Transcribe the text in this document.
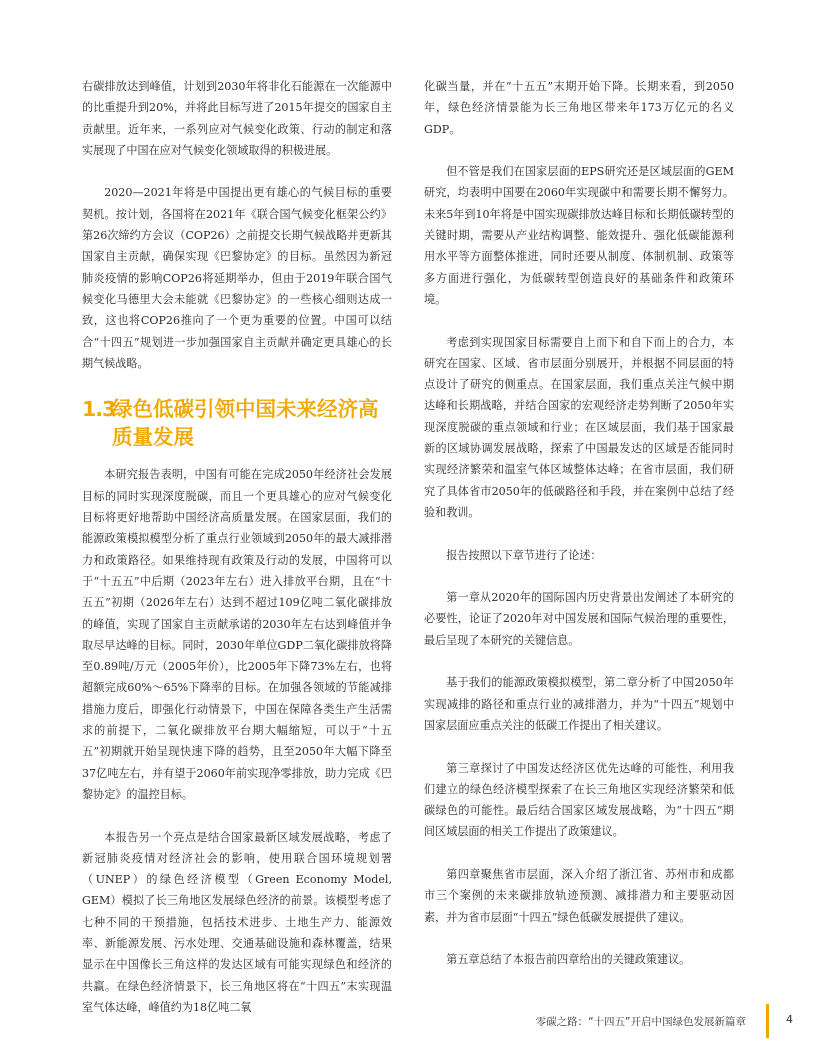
右碳排放达到峰值，计划到2030年将非化石能源在一次能源中的比重提升到20%，并将此目标写进了2015年提交的国家自主贡献里。近年来，一系列应对气候变化政策、行动的制定和落实展现了中国在应对气候变化领域取得的积极进展。

2020—2021年将是中国提出更有雄心的气候目标的重要契机。按计划，各国将在2021年《联合国气候变化框架公约》第26次缔约方会议（COP26）之前提交长期气候战略并更新其国家自主贡献，确保实现《巴黎协定》的目标。虽然因为新冠肺炎疫情的影响COP26将延期举办，但由于2019年联合国气候变化马德里大会未能就《巴黎协定》的一些核心细则达成一致，这也将COP26推向了一个更为重要的位置。中国可以结合“十四五”规划进一步加强国家自主贡献并确定更具雄心的长期气候战略。

1.3
绿色低碳引领中国未来经济高质量发展

本研究报告表明，中国有可能在完成2050年经济社会发展目标的同时实现深度脱碳，而且一个更具雄心的应对气候变化目标将更好地帮助中国经济高质量发展。在国家层面，我们的能源政策模拟模型分析了重点行业领域到2050年的最大减排潜力和政策路径。如果维持现有政策及行动的发展，中国将可以于“十五五”中后期（2023年左右）进入排放平台期，且在“十五五”初期（2026年左右）达到不超过109亿吨二氧化碳排放的峰值，实现了国家自主贡献承诺的2030年左右达到峰值并争取尽早达峰的目标。同时，2030年单位GDP二氧化碳排放将降至0.89吨/万元（2005年价），比2005年下降73%左右，也将超额完成60%～65%下降率的目标。在加强各领域的节能减排措施力度后，即强化行动情景下，中国在保障各类生产生活需求的前提下，二氧化碳排放平台期大幅缩短，可以于“十五五”初期就开始呈现快速下降的趋势，且至2050年大幅下降至37亿吨左右，并有望于2060年前实现净零排放，助力完成《巴黎协定》的温控目标。

本报告另一个亮点是结合国家最新区域发展战略，考虑了新冠肺炎疫情对经济社会的影响，使用联合国环境规划署（UNEP）的绿色经济模型（Green Economy Model, GEM）模拟了长三角地区发展绿色经济的前景。该模型考虑了七种不同的干预措施，包括技术进步、土地生产力、能源效率、新能源发展、污水处理、交通基础设施和森林覆盖，结果显示在中国像长三角这样的发达区域有可能实现绿色和经济的共赢。在绿色经济情景下，长三角地区将在“十四五”末实现温室气体达峰，峰值约为18亿吨二氧

化碳当量，并在“十五五”末期开始下降。长期来看，到2050年，绿色经济情景能为长三角地区带来年173万亿元的名义GDP。

但不管是我们在国家层面的EPS研究还是区域层面的GEM研究，均表明中国要在2060年实现碳中和需要长期不懈努力。未来5年到10年将是中国实现碳排放达峰目标和长期低碳转型的关键时期，需要从产业结构调整、能效提升、强化低碳能源利用水平等方面整体推进，同时还要从制度、体制机制、政策等多方面进行强化，为低碳转型创造良好的基础条件和政策环境。

考虑到实现国家目标需要自上而下和自下而上的合力，本研究在国家、区域、省市层面分别展开，并根据不同层面的特点设计了研究的侧重点。在国家层面，我们重点关注气候中期达峰和长期战略，并结合国家的宏观经济走势判断了2050年实现深度脱碳的重点领域和行业；在区域层面，我们基于国家最新的区域协调发展战略，探索了中国最发达的区域是否能同时实现经济繁荣和温室气体区域整体达峰；在省市层面，我们研究了具体省市2050年的低碳路径和手段，并在案例中总结了经验和教训。

报告按照以下章节进行了论述：

第一章从2020年的国际国内历史背景出发阐述了本研究的必要性，论证了2020年对中国发展和国际气候治理的重要性，最后呈现了本研究的关键信息。

基于我们的能源政策模拟模型，第二章分析了中国2050年实现减排的路径和重点行业的减排潜力，并为“十四五”规划中国家层面应重点关注的低碳工作提出了相关建议。

第三章探讨了中国发达经济区优先达峰的可能性，利用我们建立的绿色经济模型探索了在长三角地区实现经济繁荣和低碳绿色的可能性。最后结合国家区域发展战略，为“十四五”期间区域层面的相关工作提出了政策建议。

第四章聚焦省市层面，深入介绍了浙江省、苏州市和成都市三个案例的未来碳排放轨迹预测、减排潜力和主要驱动因素，并为省市层面“十四五”绿色低碳发展提供了建议。

第五章总结了本报告前四章给出的关键政策建议。

零碳之路：“十四五”开启中国绿色发展新篇章	4
